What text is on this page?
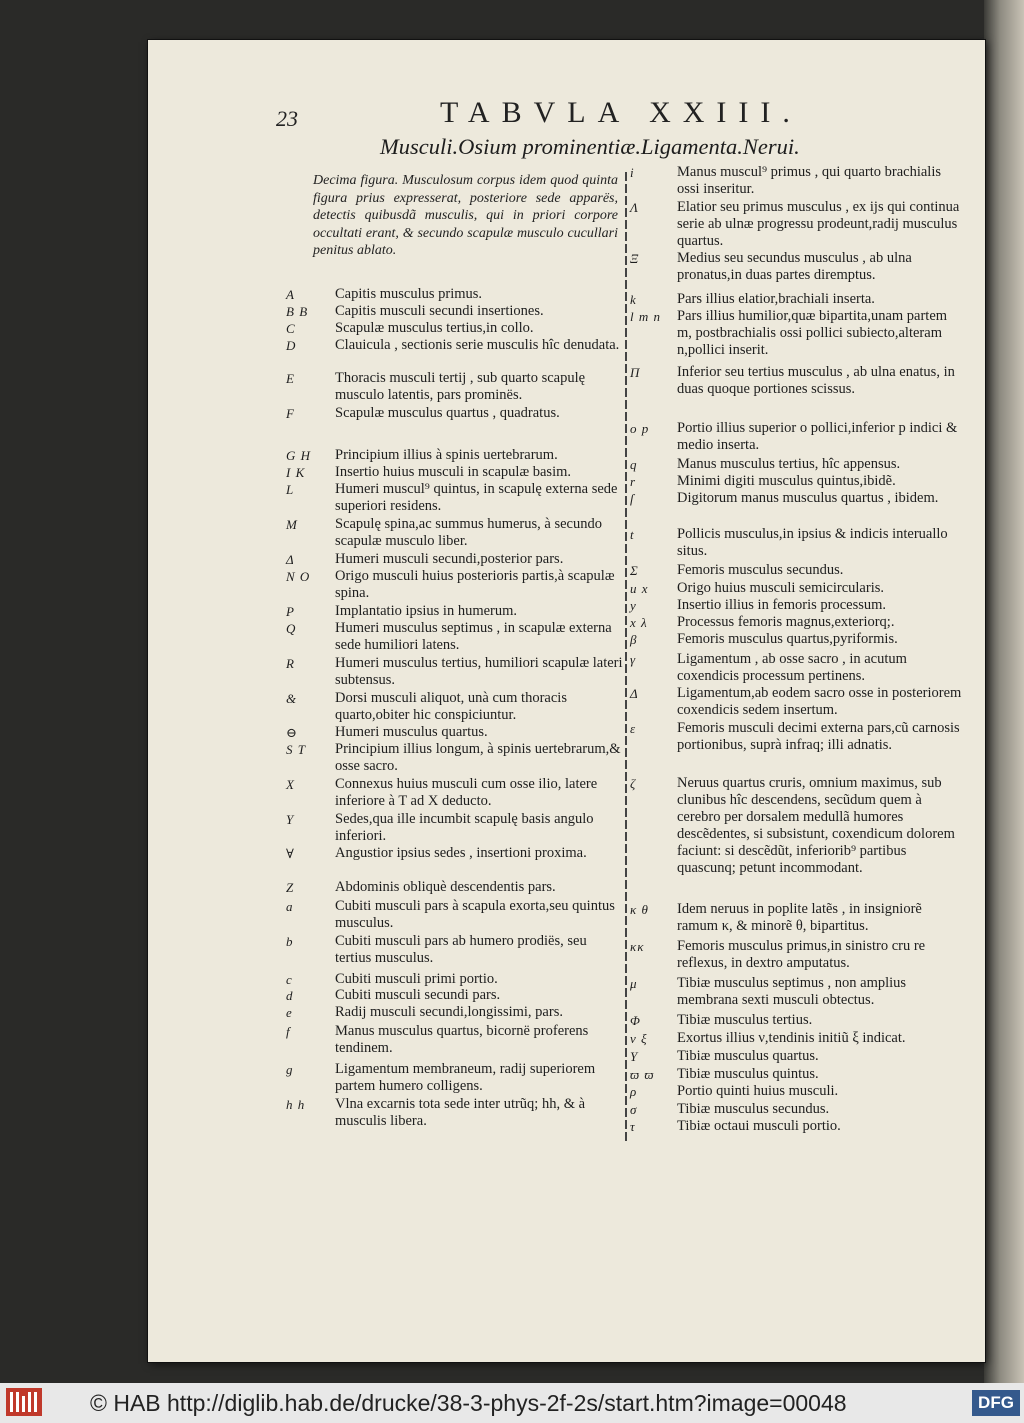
23	TABVLA XXIII.
Musculi.Osium prominentiæ.Ligamenta.Nerui.
Decima figura. Musculosum corpus idem quod quinta figura prius expresserat, posteriore sede apparës, detectis quibusdã musculis, qui in priori corpore occultati erant, & secundo scapulæ musculo cucullari penitus ablato.
A	Capitis musculus primus.
B B	Capitis musculi secundi insertiones.
C	Scapulæ musculus tertius,in collo.
D	Clauicula , sectionis serie musculis hîc denudata.
E	Thoracis musculi tertij , sub quarto scapulę musculo latentis, pars prominës.
F	Scapulæ musculus quartus , quadratus.
G H	Principium illius à spinis uertebrarum.
I K	Insertio huius musculi in scapulæ basim.
L	Humeri muscul⁹ quintus, in scapulę externa sede superiori residens.
M	Scapulę spina,ac summus humerus, à secundo scapulæ musculo liber.
Δ	Humeri musculi secundi,posterior pars.
N O	Origo musculi huius posterioris partis,à scapulæ spina.
P	Implantatio ipsius in humerum.
Q	Humeri musculus septimus , in scapulæ externa sede humiliori latens.
R	Humeri musculus tertius, humiliori scapulæ lateri subtensus.
&	Dorsi musculi aliquot, unà cum thoracis quarto,obiter hic conspiciuntur.
⊖	Humeri musculus quartus.
S T	Principium illius longum, à spinis uertebrarum,& osse sacro.
X	Connexus huius musculi cum osse ilio, latere inferiore à T ad X deducto.
Y	Sedes,qua ille incumbit scapulę basis angulo inferiori.
∀	Angustior ipsius sedes , insertioni proxima.
Z	Abdominis obliquè descendentis pars.
a	Cubiti musculi pars à scapula exorta,seu quintus musculus.
b	Cubiti musculi pars ab humero prodiës, seu tertius musculus.
c	Cubiti musculi primi portio.
d	Cubiti musculi secundi pars.
e	Radij musculi secundi,longissimi, pars.
f	Manus musculus quartus, bicornë proferens tendinem.
g	Ligamentum membraneum, radij superiorem partem humero colligens.
h h	Vlna excarnis tota sede inter utrũq; hh, & à musculis libera.
i	Manus muscul⁹ primus , qui quarto brachialis ossi inseritur.
Λ	Elatior seu primus musculus , ex ijs qui continua serie ab ulnæ progressu prodeunt,radij musculus quartus.
Ξ	Medius seu secundus musculus , ab ulna pronatus,in duas partes diremptus.
k	Pars illius elatior,brachiali inserta.
l m n	Pars illius humilior,quæ bipartita,unam partem m, postbrachialis ossi pollici subiecto,alteram n,pollici inserit.
Π	Inferior seu tertius musculus , ab ulna enatus, in duas quoque portiones scissus.
o p	Portio illius superior o pollici,inferior p indici & medio inserta.
q	Manus musculus tertius, hîc appensus.
r	Minimi digiti musculus quintus,ibidẽ.
ſ	Digitorum manus musculus quartus , ibidem.
t	Pollicis musculus,in ipsius & indicis interuallo situs.
Σ	Femoris musculus secundus.
u x	Origo huius musculi semicircularis.
y	Insertio illius in femoris processum.
x λ	Processus femoris magnus,exteriorq;.
β	Femoris musculus quartus,pyriformis.
γ	Ligamentum , ab osse sacro , in acutum coxendicis processum pertinens.
Δ	Ligamentum,ab eodem sacro osse in posteriorem coxendicis sedem insertum.
ε	Femoris musculi decimi externa pars,cũ carnosis portionibus, suprà infraq; illi adnatis.
ζ	Neruus quartus cruris, omnium maximus, sub clunibus hîc descendens, secũdum quem à cerebro per dorsalem medullã humores descẽdentes, si subsistunt, coxendicum dolorem faciunt: si descẽdũt, inferiorib⁹ partibus quascunq; petunt incommodant.
κ θ	Idem neruus in poplite latẽs , in insigniorẽ ramum κ, & minorẽ θ, bipartitus.
κκ	Femoris musculus primus,in sinistro cru re reflexus, in dextro amputatus.
μ	Tibiæ musculus septimus , non amplius membrana sexti musculi obtectus.
Φ	Tibiæ musculus tertius.
ν ξ	Exortus illius ν,tendinis initiũ ξ indicat.
Υ	Tibiæ musculus quartus.
ϖ ϖ	Tibiæ musculus quintus.
ρ	Portio quinti huius musculi.
σ	Tibiæ musculus secundus.
τ	Tibiæ octaui musculi portio.
© HAB http://diglib.hab.de/drucke/38-3-phys-2f-2s/start.htm?image=00048	DFG
